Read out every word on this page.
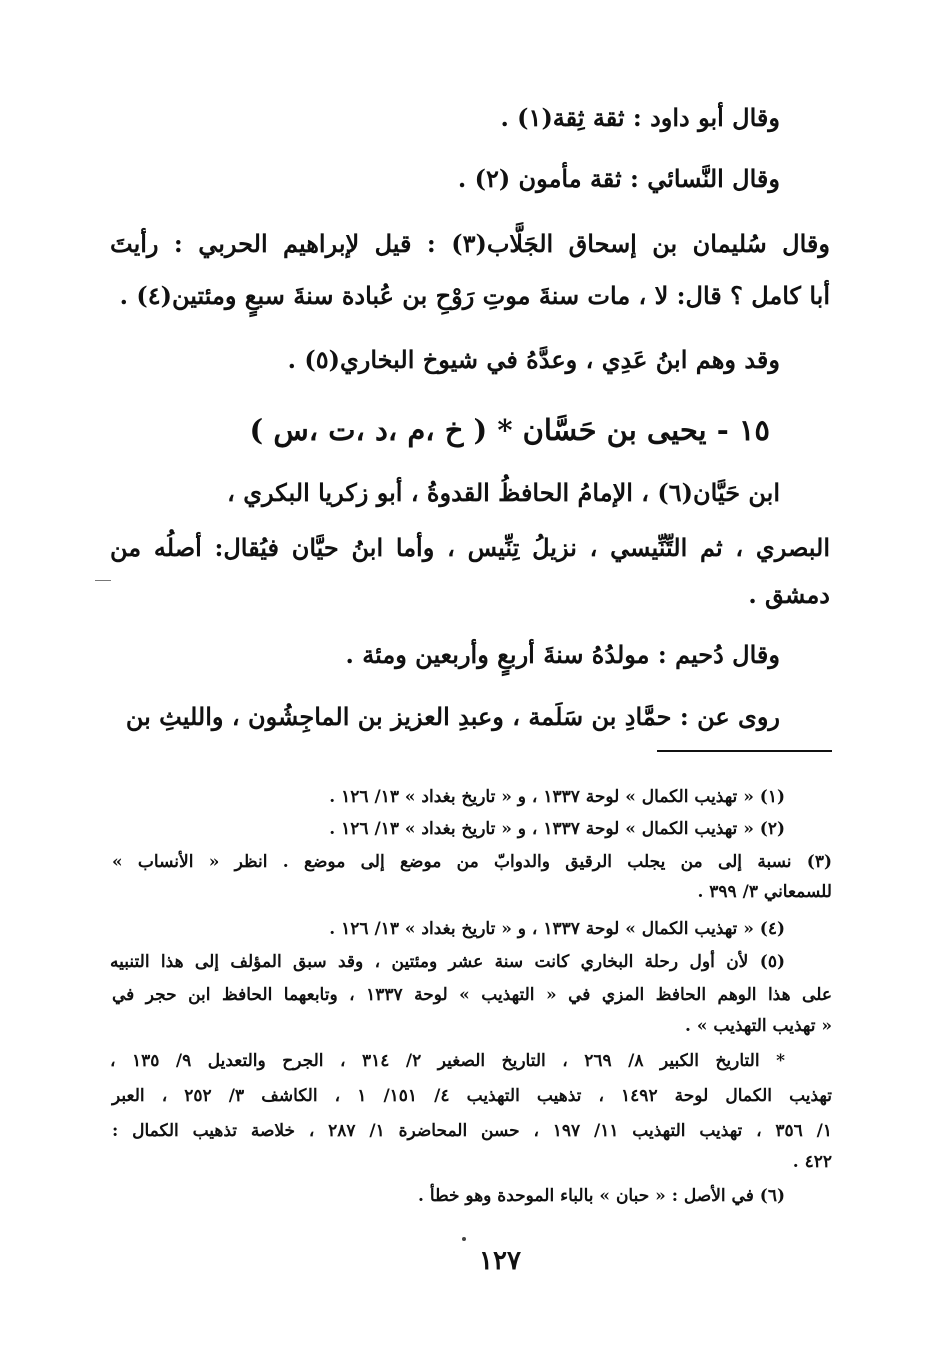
وقال أبو داود : ثقة ثِقة(١) .
وقال النَّسائي : ثقة مأمون (٢) .
وقال سُليمان بن إسحاق الجَلَّاب(٣) : قيل لإبراهيم الحربي : رأيتَ
أبا كامل ؟ قال: لا ، مات سنةَ موتِ رَوْحِ بن عُبادة سنةَ سبعٍ ومئتين(٤) .
وقد وهم ابنُ عَدِي ، وعدَّهُ في شيوخ البخاري(٥) .
١٥ - يحيى بن حَسَّان * ( خ ،م ،د ،ت ،س )
ابن حَيَّان(٦) ، الإمامُ الحافظُ القدوةُ ، أبو زكريا البكري ،
البصري ، ثم التِّنِّيسي ، نزيلُ تِنِّيس ، وأما ابنُ حيَّان فيُقال: أصلُه من
دمشق .
وقال دُحيم : مولدُهُ سنةَ أربعٍ وأربعين ومئة .
روى عن : حمَّادِ بن سَلَمة ، وعبدِ العزيز بن الماجِشُون ، والليثِ بن
(١) « تهذيب الكمال » لوحة ١٣٣٧ ، و « تاريخ بغداد » ١٣/ ١٢٦ .
(٢) « تهذيب الكمال » لوحة ١٣٣٧ ، و « تاريخ بغداد » ١٣/ ١٢٦ .
(٣) نسبة إلى من يجلب الرقيق والدوابّ من موضع إلى موضع . انظر « الأنساب »
للسمعاني ٣/ ٣٩٩ .
(٤) « تهذيب الكمال » لوحة ١٣٣٧ ، و « تاريخ بغداد » ١٣/ ١٢٦ .
(٥) لأن أول رحلة البخاري كانت سنة عشر ومئتين ، وقد سبق المؤلف إلى هذا التنبيه
على هذا الوهم الحافظ المزي في « التهذيب » لوحة ١٣٣٧ ، وتابعهما الحافظ ابن حجر في
« تهذيب التهذيب » .
* التاريخ الكبير ٨/ ٢٦٩ ، التاريخ الصغير ٢/ ٣١٤ ، الجرح والتعديل ٩/ ١٣٥ ،
تهذيب الكمال لوحة ١٤٩٢ ، تذهيب التهذيب ٤/ ١٥١/ ١ ، الكاشف ٣/ ٢٥٢ ، العبر
١/ ٣٥٦ ، تهذيب التهذيب ١١/ ١٩٧ ، حسن المحاضرة ١/ ٢٨٧ ، خلاصة تذهيب الكمال :
٤٢٢ .
(٦) في الأصل : « حبان » بالباء الموحدة وهو خطأ .
١٢٧
